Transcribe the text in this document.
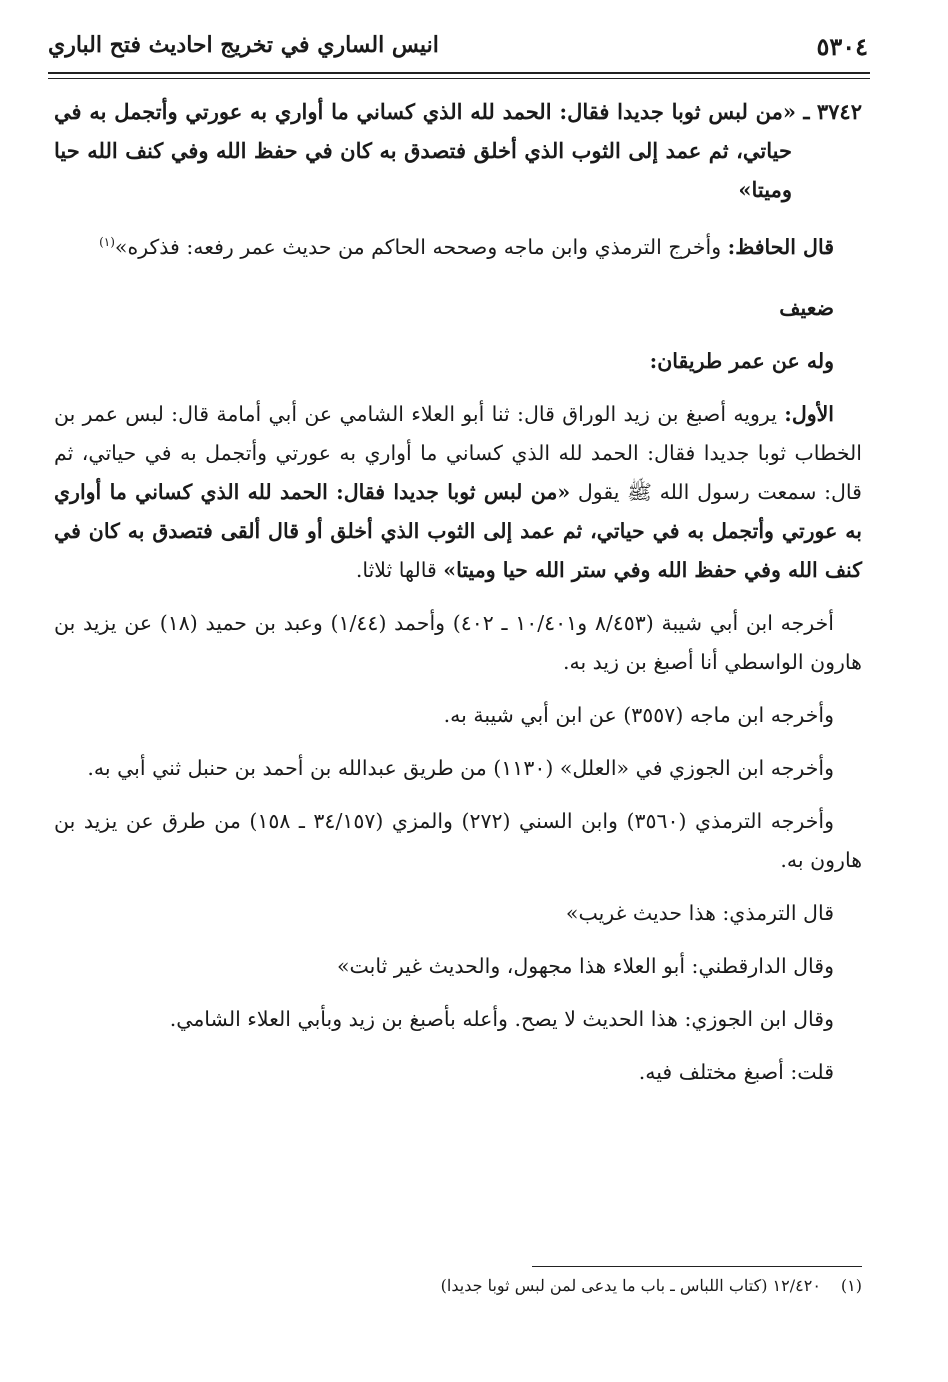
٥٣٠٤
انيس الساري في تخريج احاديث فتح الباري

٣٧٤٢ ـ«من لبس ثوبا جديدا فقال: الحمد لله الذي كساني ما أواري به عورتي وأتجمل به في حياتي، ثم عمد إلى الثوب الذي أخلق فتصدق به كان في حفظ الله وفي كنف الله حيا وميتا»

قال الحافظ: وأخرج الترمذي وابن ماجه وصححه الحاكم من حديث عمر رفعه: فذكره»$^{(١)}$

ضعيف

وله عن عمر طريقان:

الأول: يرويه أصبغ بن زيد الوراق قال: ثنا أبو العلاء الشامي عن أبي أمامة قال: لبس عمر بن الخطاب ثوبا جديدا فقال: الحمد لله الذي كساني ما أواري به عورتي وأتجمل به في حياتي، ثم قال: سمعت رسول الله ﷺ يقول «من لبس ثوبا جديدا فقال: الحمد لله الذي كساني ما أواري به عورتي وأتجمل به في حياتي، ثم عمد إلى الثوب الذي أخلق أو قال ألقى فتصدق به كان في كنف الله وفي حفظ الله وفي ستر الله حيا وميتا» قالها ثلاثا.

أخرجه ابن أبي شيبة (٨/٤٥٣ و١٠/٤٠١ ـ ٤٠٢) وأحمد (١/٤٤) وعبد بن حميد (١٨) عن يزيد بن هارون الواسطي أنا أصبغ بن زيد به.

وأخرجه ابن ماجه (٣٥٥٧) عن ابن أبي شيبة به.

وأخرجه ابن الجوزي في «العلل» (١١٣٠) من طريق عبدالله بن أحمد بن حنبل ثني أبي به.

وأخرجه الترمذي (٣٥٦٠) وابن السني (٢٧٢) والمزي (٣٤/١٥٧ ـ ١٥٨) من طرق عن يزيد بن هارون به.

قال الترمذي: هذا حديث غريب»

وقال الدارقطني: أبو العلاء هذا مجهول، والحديث غير ثابت»

وقال ابن الجوزي: هذا الحديث لا يصح. وأعله بأصبغ بن زيد وبأبي العلاء الشامي.

قلت: أصبغ مختلف فيه.

(١)١٢/٤٢٠ (كتاب اللباس ـ باب ما يدعى لمن لبس ثوبا جديدا)
